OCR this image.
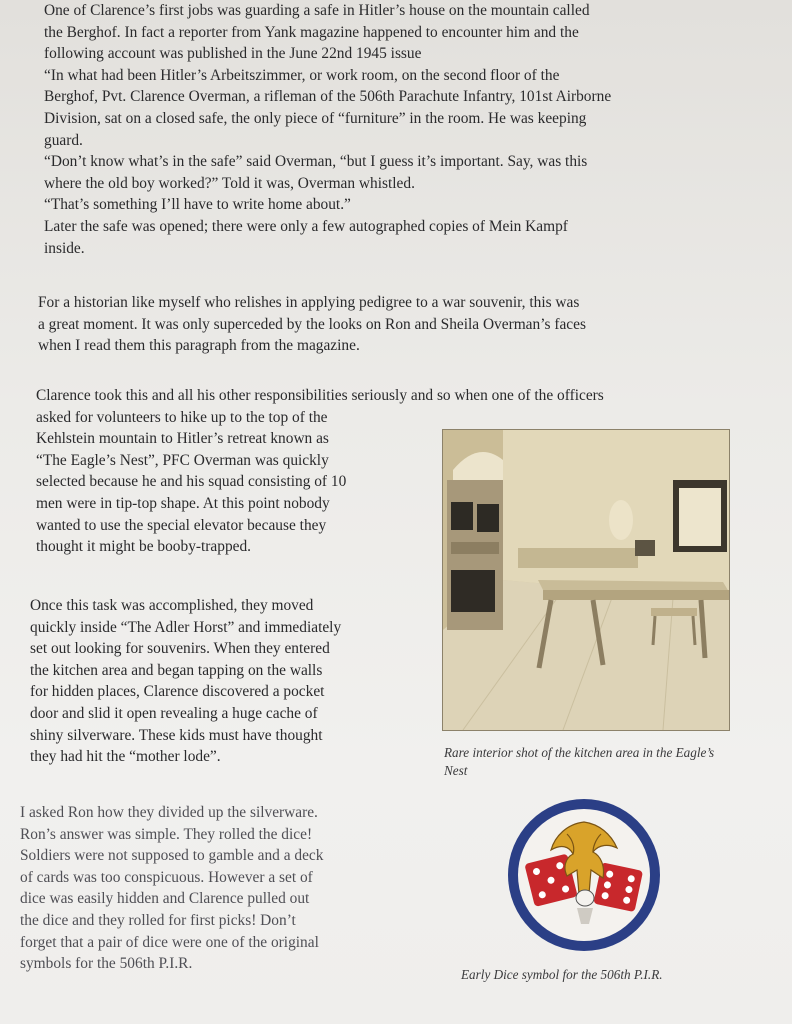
One of Clarence’s first jobs was guarding a safe in Hitler’s house on the mountain called
the Berghof. In fact a reporter from Yank magazine happened to encounter him and the
following account was published in the June 22nd 1945 issue
“In what had been Hitler’s Arbeitszimmer, or work room, on the second floor of the
Berghof, Pvt. Clarence Overman, a rifleman of the 506th Parachute Infantry, 101st Airborne
Division, sat on a closed safe, the only piece of “furniture” in the room. He was keeping
guard.
“Don’t know what’s in the safe” said Overman, “but I guess it’s important. Say, was this
where the old boy worked?” Told it was, Overman whistled.
“That’s something I’ll have to write home about.”
Later the safe was opened; there were only a few autographed copies of Mein Kampf
inside.

For a historian like myself who relishes in applying pedigree to a war souvenir, this was
a great moment. It was only superceded by the looks on Ron and Sheila Overman’s faces
when I read them this paragraph from the magazine.

Clarence took this and all his other responsibilities seriously and so when one of the officers
asked for volunteers to hike up to the top of the
Kehlstein mountain to Hitler’s retreat known as
“The Eagle’s Nest”, PFC Overman was quickly
selected because he and his squad consisting of 10
men were in tip-top shape. At this point nobody
wanted to use the special elevator because they
thought it might be booby-trapped.

Once this task was accomplished, they moved
quickly inside “The Adler Horst” and immediately
set out looking for souvenirs. When they entered
the kitchen area and began tapping on the walls
for hidden places, Clarence discovered a pocket
door and slid it open revealing a huge cache of
shiny silverware. These kids must have thought
they had hit the “mother lode”.

I asked Ron how they divided up the silverware.
Ron’s answer was simple. They rolled the dice!
Soldiers were not supposed to gamble and a deck
of cards was too conspicuous. However a set of
dice was easily hidden and Clarence pulled out
the dice and they rolled for first picks! Don’t
forget that a pair of dice were one of the original
symbols for the 506th P.I.R.

Rare interior shot of the kitchen area in the Eagle’s Nest

Early Dice symbol for the 506th P.I.R.
